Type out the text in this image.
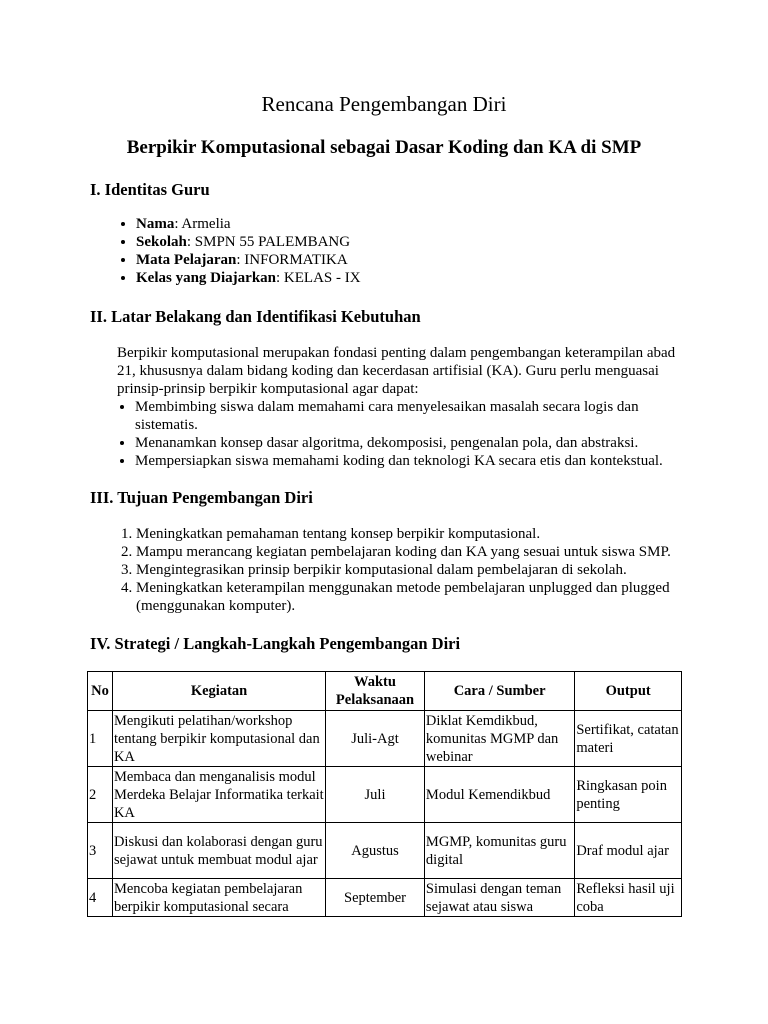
Rencana Pengembangan Diri
Berpikir Komputasional sebagai Dasar Koding dan KA di SMP
I. Identitas Guru
• Nama: Armelia
• Sekolah: SMPN 55 PALEMBANG
• Mata Pelajaran: INFORMATIKA
• Kelas yang Diajarkan: KELAS - IX
II. Latar Belakang dan Identifikasi Kebutuhan

Berpikir komputasional merupakan fondasi penting dalam pengembangan keterampilan abad 21, khususnya dalam bidang koding dan kecerdasan artifisial (KA). Guru perlu menguasai prinsip-prinsip berpikir komputasional agar dapat:

• Membimbing siswa dalam memahami cara menyelesaikan masalah secara logis dan sistematis.
• Menanamkan konsep dasar algoritma, dekomposisi, pengenalan pola, dan abstraksi.
• Mempersiapkan siswa memahami koding dan teknologi KA secara etis dan kontekstual.
III. Tujuan Pengembangan Diri
1. Meningkatkan pemahaman tentang konsep berpikir komputasional.
2. Mampu merancang kegiatan pembelajaran koding dan KA yang sesuai untuk siswa SMP.
3. Mengintegrasikan prinsip berpikir komputasional dalam pembelajaran di sekolah.
4. Meningkatkan keterampilan menggunakan metode pembelajaran unplugged dan plugged (menggunakan komputer).
IV. Strategi / Langkah-Langkah Pengembangan Diri
No	Kegiatan	Waktu Pelaksanaan	Cara / Sumber	Output
1	Mengikuti pelatihan/workshop tentang berpikir komputasional dan KA	Juli-Agt	Diklat Kemdikbud, komunitas MGMP dan webinar	Sertifikat, catatan materi
2	Membaca dan menganalisis modul Merdeka Belajar Informatika terkait KA	Juli	Modul Kemendikbud	Ringkasan poin penting
3	Diskusi dan kolaborasi dengan guru sejawat untuk membuat modul ajar	Agustus	MGMP, komunitas guru digital	Draf modul ajar
4	Mencoba kegiatan pembelajaran berpikir komputasional secara	September	Simulasi dengan teman sejawat atau siswa	Refleksi hasil uji coba
